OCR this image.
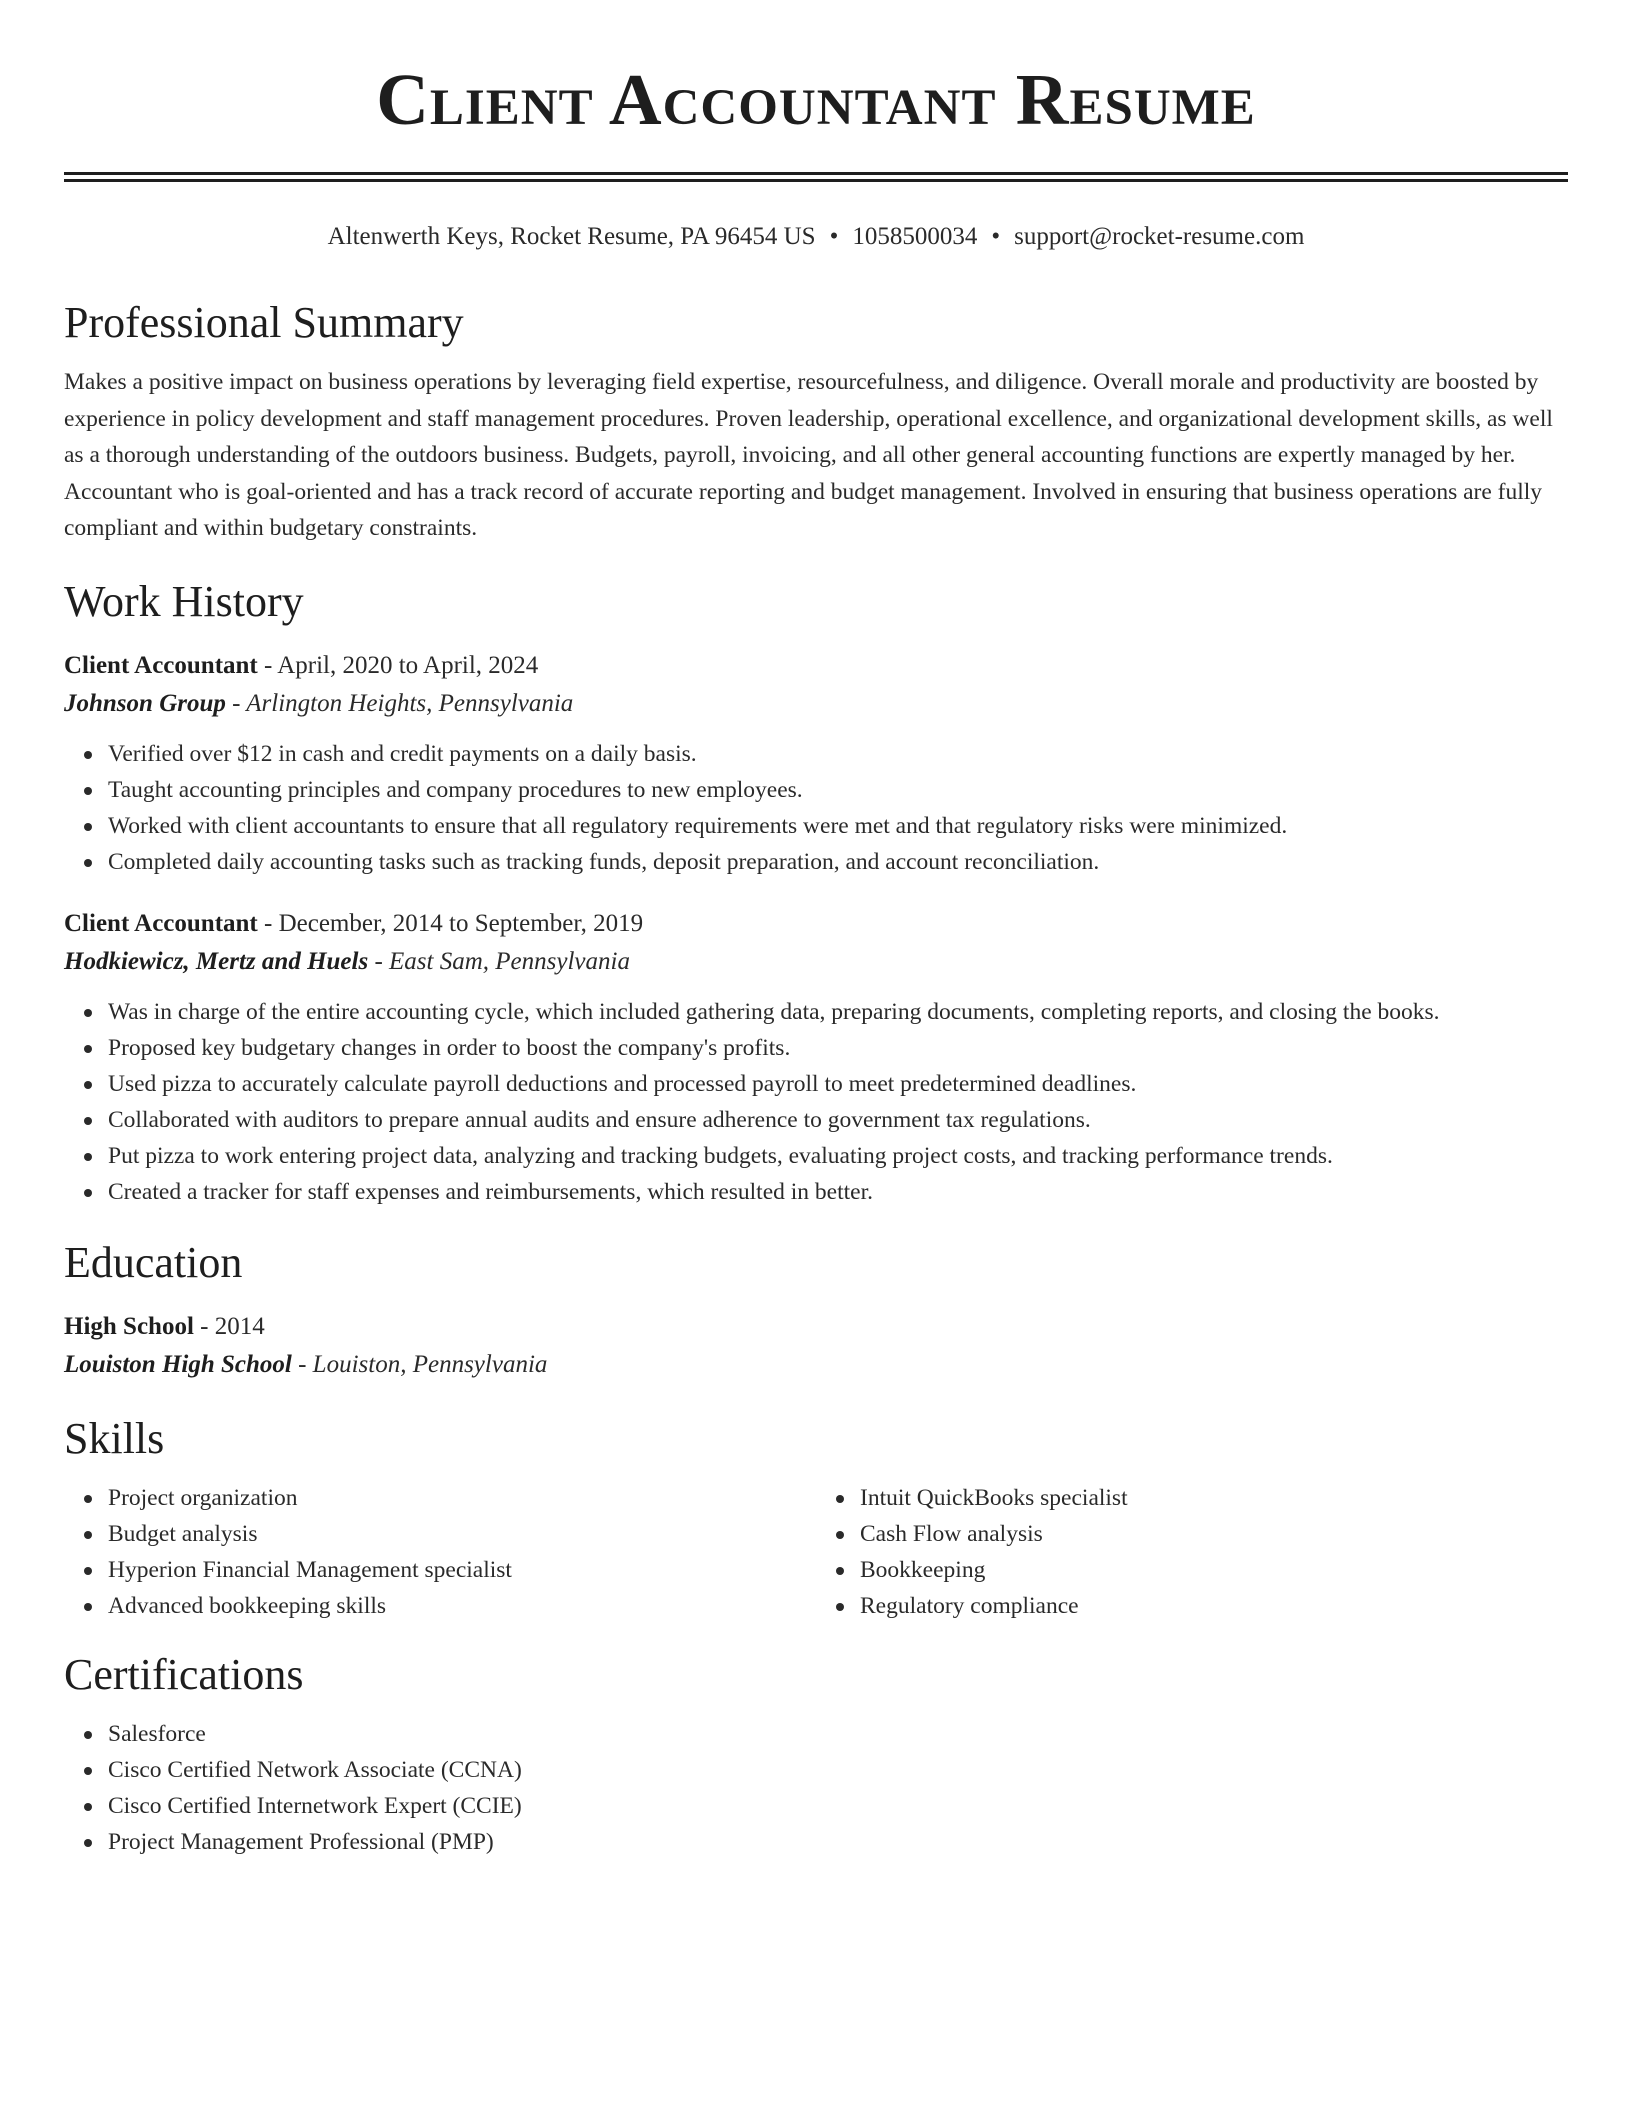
Client Accountant Resume
Altenwerth Keys, Rocket Resume, PA 96454 US • 1058500034 • support@rocket-resume.com
Professional Summary

Makes a positive impact on business operations by leveraging field expertise, resourcefulness, and diligence. Overall morale and productivity are boosted by experience in policy development and staff management procedures. Proven leadership, operational excellence, and organizational development skills, as well as a thorough understanding of the outdoors business. Budgets, payroll, invoicing, and all other general accounting functions are expertly managed by her. Accountant who is goal-oriented and has a track record of accurate reporting and budget management. Involved in ensuring that business operations are fully compliant and within budgetary constraints.

Work History
Client Accountant - April, 2020 to April, 2024
Johnson Group - Arlington Heights, Pennsylvania
Verified over $12 in cash and credit payments on a daily basis.
Taught accounting principles and company procedures to new employees.
Worked with client accountants to ensure that all regulatory requirements were met and that regulatory risks were minimized.
Completed daily accounting tasks such as tracking funds, deposit preparation, and account reconciliation.
Client Accountant - December, 2014 to September, 2019
Hodkiewicz, Mertz and Huels - East Sam, Pennsylvania
Was in charge of the entire accounting cycle, which included gathering data, preparing documents, completing reports, and closing the books.
Proposed key budgetary changes in order to boost the company's profits.
Used pizza to accurately calculate payroll deductions and processed payroll to meet predetermined deadlines.
Collaborated with auditors to prepare annual audits and ensure adherence to government tax regulations.
Put pizza to work entering project data, analyzing and tracking budgets, evaluating project costs, and tracking performance trends.
Created a tracker for staff expenses and reimbursements, which resulted in better.
Education
High School - 2014
Louiston High School - Louiston, Pennsylvania
Skills
Project organization
Budget analysis
Hyperion Financial Management specialist
Advanced bookkeeping skills
Intuit QuickBooks specialist
Cash Flow analysis
Bookkeeping
Regulatory compliance
Certifications
Salesforce
Cisco Certified Network Associate (CCNA)
Cisco Certified Internetwork Expert (CCIE)
Project Management Professional (PMP)
